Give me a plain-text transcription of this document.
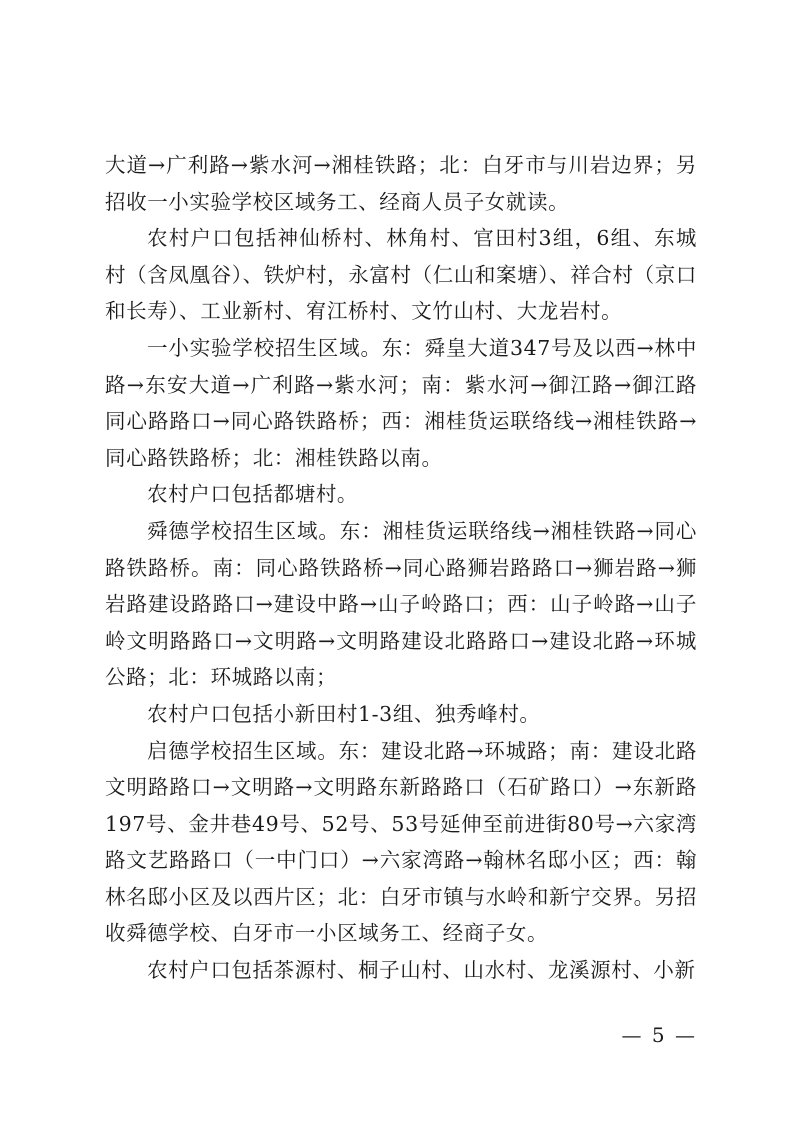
大道→广利路→紫水河→湘桂铁路；北：白牙市与川岩边界；另招收一小实验学校区域务工、经商人员子女就读。

农村户口包括神仙桥村、林角村、官田村3组，6组、东城村（含凤凰谷）、铁炉村，永富村（仁山和案塘）、祥合村（京口和长寿）、工业新村、宥江桥村、文竹山村、大龙岩村。

一小实验学校招生区域。东：舜皇大道347号及以西→林中路→东安大道→广利路→紫水河；南：紫水河→御江路→御江路同心路路口→同心路铁路桥；西：湘桂货运联络线→湘桂铁路→同心路铁路桥；北：湘桂铁路以南。

农村户口包括都塘村。

舜德学校招生区域。东：湘桂货运联络线→湘桂铁路→同心路铁路桥。南：同心路铁路桥→同心路狮岩路路口→狮岩路→狮岩路建设路路口→建设中路→山子岭路口；西：山子岭路→山子岭文明路路口→文明路→文明路建设北路路口→建设北路→环城公路；北：环城路以南；

农村户口包括小新田村1-3组、独秀峰村。

启德学校招生区域。东：建设北路→环城路；南：建设北路文明路路口→文明路→文明路东新路路口（石矿路口）→东新路197号、金井巷49号、52号、53号延伸至前进街80号→六家湾路文艺路路口（一中门口）→六家湾路→翰林名邸小区；西：翰林名邸小区及以西片区；北：白牙市镇与水岭和新宁交界。另招收舜德学校、白牙市一小区域务工、经商子女。

农村户口包括茶源村、桐子山村、山水村、龙溪源村、小新

— 5 —
